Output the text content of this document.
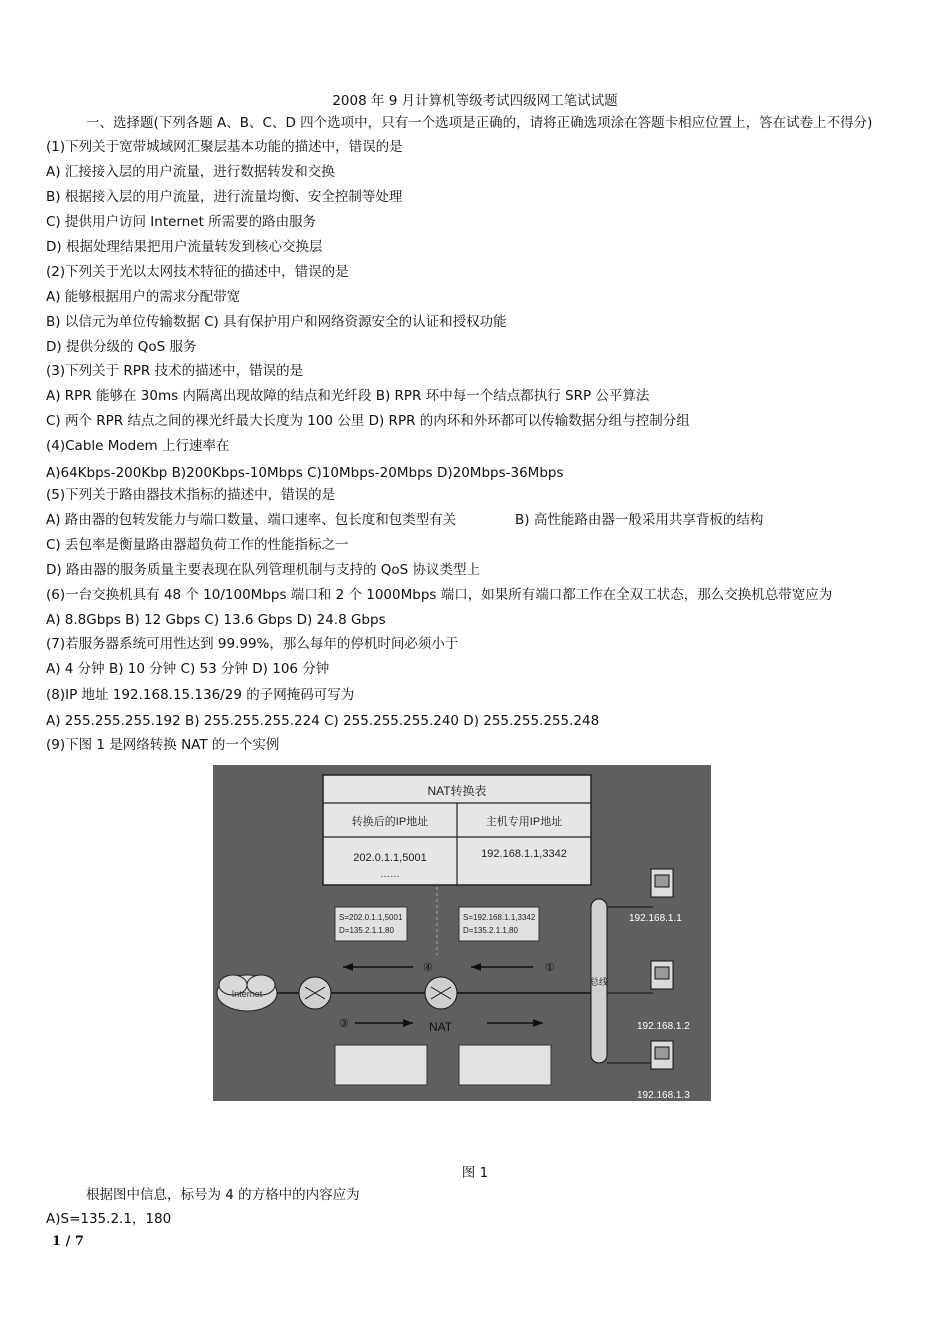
2008 年 9 月计算机等级考试四级网工笔试试题
一、选择题(下列各题 A、B、C、D 四个选项中，只有一个选项是正确的，请将正确选项涂在答题卡相应位置上，答在试卷上不得分)
(1)下列关于宽带城域网汇聚层基本功能的描述中，错误的是
A) 汇接接入层的用户流量，进行数据转发和交换
B) 根据接入层的用户流量，进行流量均衡、安全控制等处理
C) 提供用户访问 Internet 所需要的路由服务
D) 根据处理结果把用户流量转发到核心交换层
(2)下列关于光以太网技术特征的描述中，错误的是
A) 能够根据用户的需求分配带宽
B) 以信元为单位传输数据 C) 具有保护用户和网络资源安全的认证和授权功能
D) 提供分级的 QoS 服务
(3)下列关于 RPR 技术的描述中，错误的是
A) RPR 能够在 30ms 内隔离出现故障的结点和光纤段 B) RPR 环中每一个结点都执行 SRP 公平算法
C) 两个 RPR 结点之间的裸光纤最大长度为 100 公里 D) RPR 的内环和外环都可以传输数据分组与控制分组
(4)Cable Modem 上行速率在
A)64Kbps-200Kbp B)200Kbps-10Mbps C)10Mbps-20Mbps D)20Mbps-36Mbps
(5)下列关于路由器技术指标的描述中，错误的是
A) 路由器的包转发能力与端口数量、端口速率、包长度和包类型有关	B) 高性能路由器一般采用共享背板的结构
C) 丢包率是衡量路由器超负荷工作的性能指标之一
D) 路由器的服务质量主要表现在队列管理机制与支持的 QoS 协议类型上
(6)一台交换机具有 48 个 10/100Mbps 端口和 2 个 1000Mbps 端口，如果所有端口都工作在全双工状态，那么交换机总带宽应为
A) 8.8Gbps B) 12 Gbps C) 13.6 Gbps D) 24.8 Gbps
(7)若服务器系统可用性达到 99.99%，那么每年的停机时间必须小于
A) 4 分钟 B) 10 分钟 C) 53 分钟 D) 106 分钟
(8)IP 地址 192.168.15.136/29 的子网掩码可写为
A) 255.255.255.192 B) 255.255.255.224 C) 255.255.255.240 D) 255.255.255.248
(9)下图 1 是网络转换 NAT 的一个实例
NAT转换表
转换后的IP地址	主机专用IP地址
202.0.1.1,5001	192.168.1.1,3342
……
S=202.0.1.1,5001
D=135.2.1.1,80
S=192.168.1.1,3342
D=135.2.1.1,80
Internet
④	①
③	NAT
总线
192.168.1.1
192.168.1.2
192.168.1.3
图 1
根据图中信息，标号为 4 的方格中的内容应为
A)S=135.2.1，180
1 / 7
